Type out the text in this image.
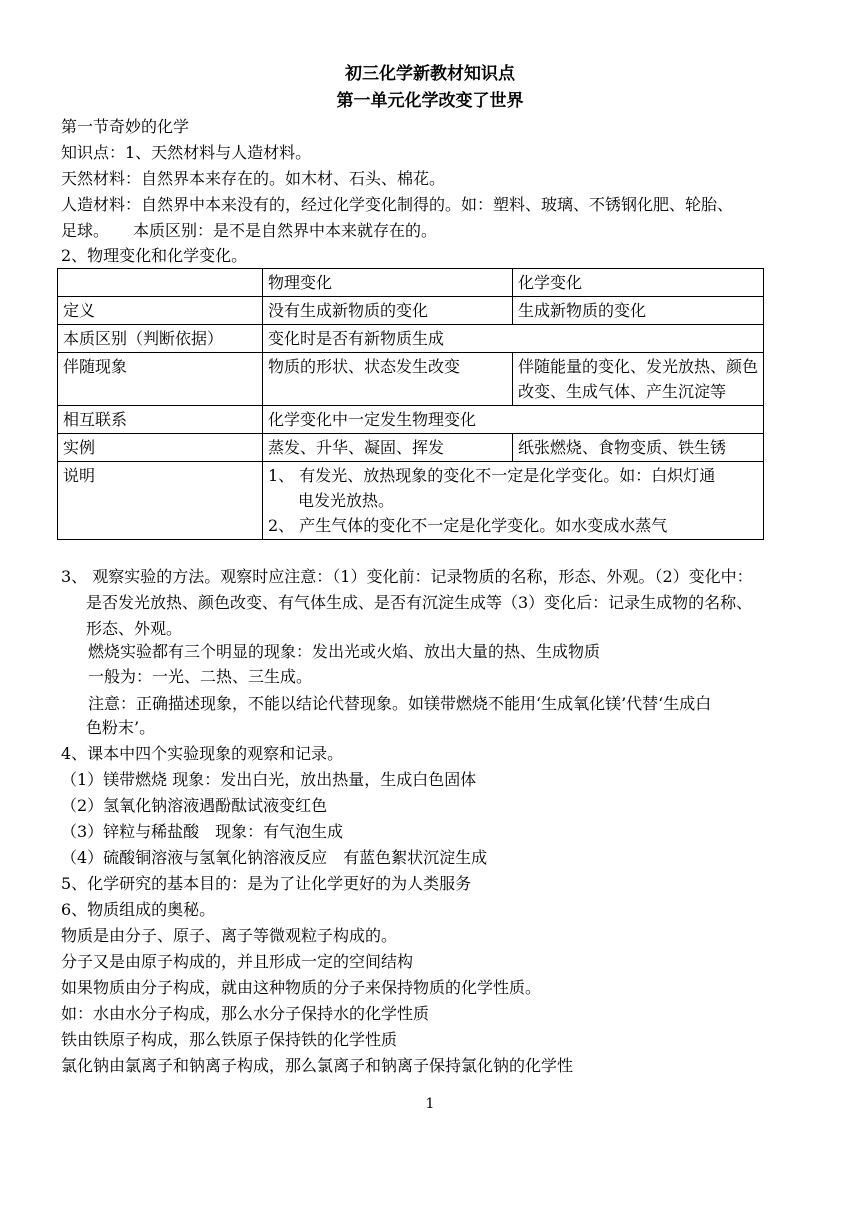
初三化学新教材知识点
第一单元化学改变了世界
第一节奇妙的化学
知识点：1、天然材料与人造材料。
天然材料：自然界本来存在的。如木材、石头、棉花。
人造材料：自然界中本来没有的，经过化学变化制得的。如：塑料、玻璃、不锈钢化肥、轮胎、
足球。　　本质区别：是不是自然界中本来就存在的。
2、物理变化和化学变化。
	物理变化	化学变化
定义	没有生成新物质的变化	生成新物质的变化
本质区别（判断依据）	变化时是否有新物质生成	
伴随现象	物质的形状、状态发生改变	伴随能量的变化、发光放热、颜色改变、生成气体、产生沉淀等
相互联系	化学变化中一定发生物理变化	
实例	蒸发、升华、凝固、挥发	纸张燃烧、食物变质、铁生锈
说明	1、 有发光、放热现象的变化不一定是化学变化。如：白炽灯通
电发光放热。
2、 产生气体的变化不一定是化学变化。如水变成水蒸气	
3、 观察实验的方法。观察时应注意：（1）变化前：记录物质的名称，形态、外观。（2）变化中：
是否发光放热、颜色改变、有气体生成、是否有沉淀生成等（3）变化后：记录生成物的名称、
形态、外观。
燃烧实验都有三个明显的现象：发出光或火焰、放出大量的热、生成物质
一般为：一光、二热、三生成。
注意：正确描述现象，不能以结论代替现象。如镁带燃烧不能用‘生成氧化镁’代替‘生成白
色粉末’。
4、课本中四个实验现象的观察和记录。
（1）镁带燃烧 现象：发出白光，放出热量，生成白色固体
（2）氢氧化钠溶液遇酚酞试液变红色
（3）锌粒与稀盐酸　现象：有气泡生成
（4）硫酸铜溶液与氢氧化钠溶液反应　有蓝色絮状沉淀生成
5、化学研究的基本目的：是为了让化学更好的为人类服务
6、物质组成的奥秘。
物质是由分子、原子、离子等微观粒子构成的。
分子又是由原子构成的，并且形成一定的空间结构
如果物质由分子构成，就由这种物质的分子来保持物质的化学性质。
如：水由水分子构成，那么水分子保持水的化学性质
铁由铁原子构成，那么铁原子保持铁的化学性质
氯化钠由氯离子和钠离子构成，那么氯离子和钠离子保持氯化钠的化学性
1
